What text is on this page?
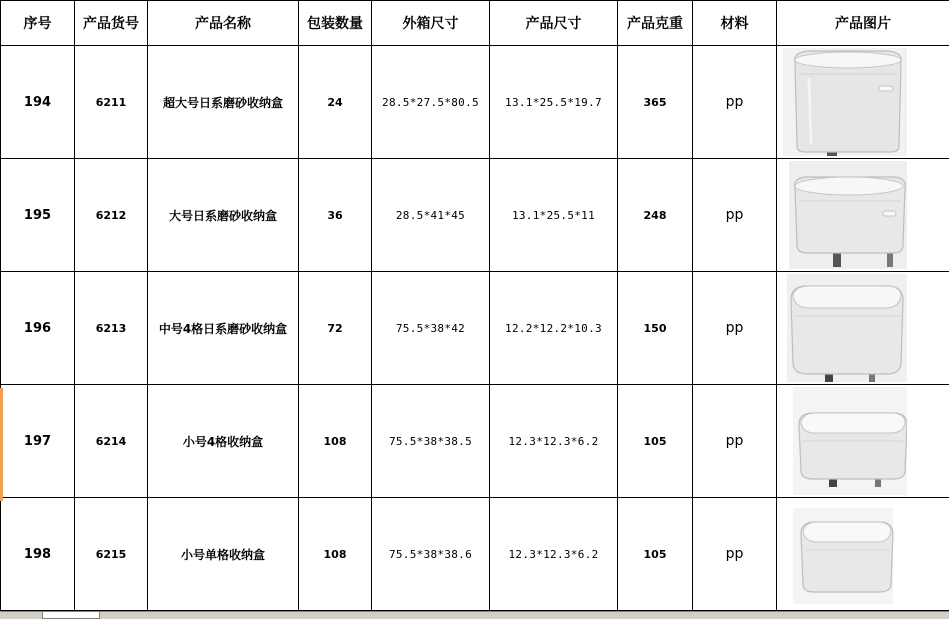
序号	产品货号	产品名称	包装数量	外箱尺寸	产品尺寸	产品克重	材料	产品图片
194	6211	超大号日系磨砂收纳盒	24	28.5*27.5*80.5	13.1*25.5*19.7	365	pp	

195	6212	大号日系磨砂收纳盒	36	28.5*41*45	13.1*25.5*11	248	pp	

196	6213	中号4格日系磨砂收纳盒	72	75.5*38*42	12.2*12.2*10.3	150	pp	

197	6214	小号4格收纳盒	108	75.5*38*38.5	12.3*12.3*6.2	105	pp	

198	6215	小号单格收纳盒	108	75.5*38*38.6	12.3*12.3*6.2	105	pp	
